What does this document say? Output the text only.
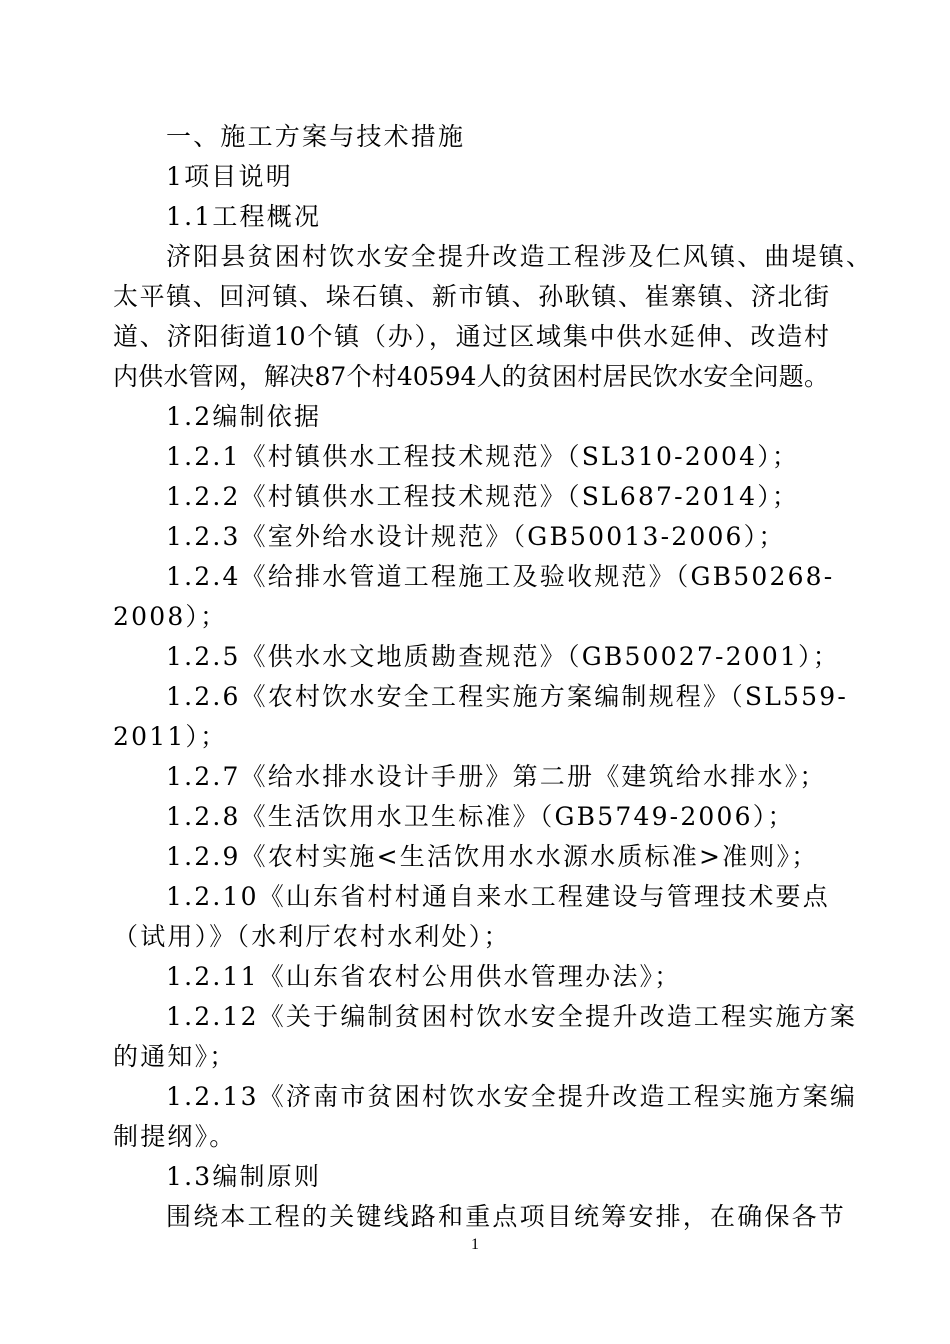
一、施工方案与技术措施
1项目说明
1.1工程概况
济阳县贫困村饮水安全提升改造工程涉及仁风镇、曲堤镇、
太平镇、回河镇、垛石镇、新市镇、孙耿镇、崔寨镇、济北街
道、济阳街道10个镇（办），通过区域集中供水延伸、改造村
内供水管网，解决87个村40594人的贫困村居民饮水安全问题。
1.2编制依据
1.2.1《村镇供水工程技术规范》（SL310-2004）；
1.2.2《村镇供水工程技术规范》（SL687-2014）；
1.2.3《室外给水设计规范》（GB50013-2006）；
1.2.4《给排水管道工程施工及验收规范》（GB50268-
2008）；
1.2.5《供水水文地质勘查规范》（GB50027-2001）；
1.2.6《农村饮水安全工程实施方案编制规程》（SL559-
2011）；
1.2.7《给水排水设计手册》第二册《建筑给水排水》；
1.2.8《生活饮用水卫生标准》（GB5749-2006）；
1.2.9《农村实施<生活饮用水水源水质标准>准则》；
1.2.10《山东省村村通自来水工程建设与管理技术要点
（试用）》（水利厅农村水利处）；
1.2.11《山东省农村公用供水管理办法》；
1.2.12《关于编制贫困村饮水安全提升改造工程实施方案
的通知》；
1.2.13《济南市贫困村饮水安全提升改造工程实施方案编
制提纲》。
1.3编制原则
围绕本工程的关键线路和重点项目统筹安排，在确保各节
1
